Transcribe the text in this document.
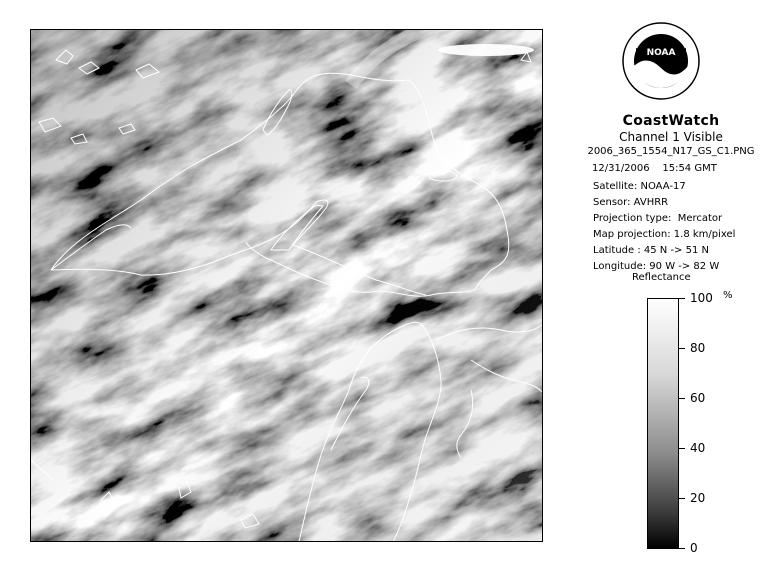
NOAA
CoastWatch
Channel 1 Visible
2006_365_1554_N17_GS_C1.PNG
12/31/2006    15:54 GMT
Satellite: NOAA-17
Sensor: AVHRR
Projection type:  Mercator
Map projection: 1.8 km/pixel
Latitude : 45 N -> 51 N
Longitude: 90 W -> 82 W
Reflectance
%
100
80
60
40
20
0
